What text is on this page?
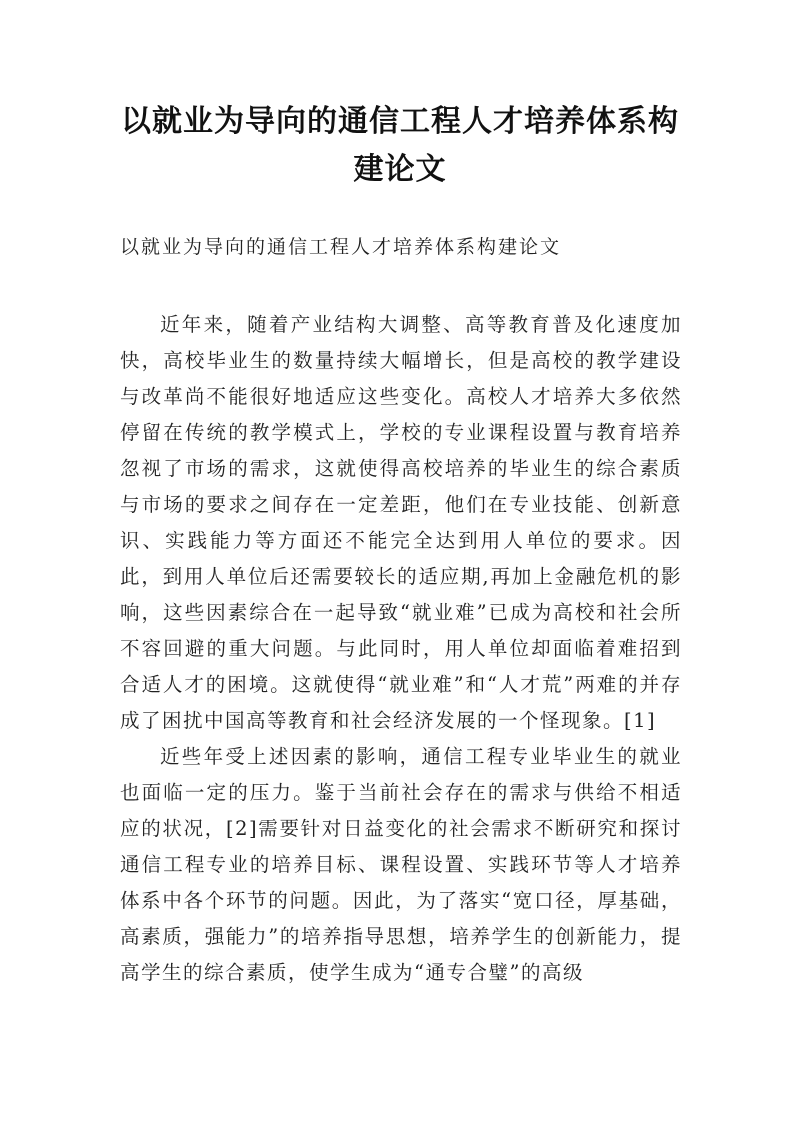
以就业为导向的通信工程人才培养体系构建论文
以就业为导向的通信工程人才培养体系构建论文

近年来，随着产业结构大调整、高等教育普及化速度加快，高校毕业生的数量持续大幅增长，但是高校的教学建设与改革尚不能很好地适应这些变化。高校人才培养大多依然停留在传统的教学模式上，学校的专业课程设置与教育培养忽视了市场的需求，这就使得高校培养的毕业生的综合素质与市场的要求之间存在一定差距，他们在专业技能、创新意识、实践能力等方面还不能完全达到用人单位的要求。因此，到用人单位后还需要较长的适应期,再加上金融危机的影响，这些因素综合在一起导致“就业难”已成为高校和社会所不容回避的重大问题。与此同时，用人单位却面临着难招到合适人才的困境。这就使得“就业难”和“人才荒”两难的并存成了困扰中国高等教育和社会经济发展的一个怪现象。[1]

近些年受上述因素的影响，通信工程专业毕业生的就业也面临一定的压力。鉴于当前社会存在的需求与供给不相适应的状况，[2]需要针对日益变化的社会需求不断研究和探讨通信工程专业的培养目标、课程设置、实践环节等人才培养体系中各个环节的问题。因此，为了落实“宽口径，厚基础，高素质，强能力”的培养指导思想，培养学生的创新能力，提高学生的综合素质，使学生成为“通专合璧”的高级
